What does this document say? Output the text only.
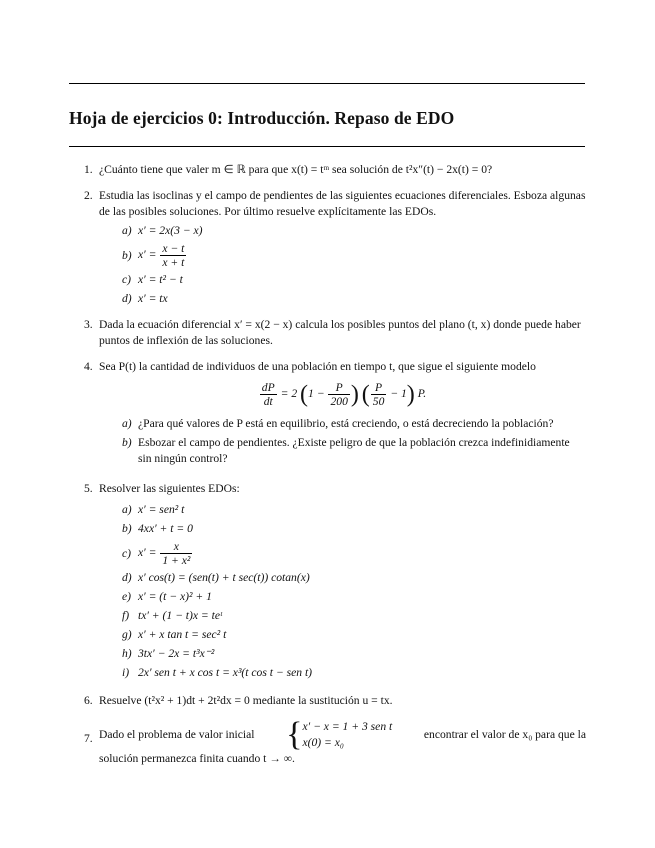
Hoja de ejercicios 0: Introducción. Repaso de EDO
1. ¿Cuánto tiene que valer m ∈ ℝ para que x(t) = tᵐ sea solución de t²x″(t) − 2x(t) = 0?
2. Estudia las isoclinas y el campo de pendientes de las siguientes ecuaciones diferenciales. Esboza algunas de las posibles soluciones. Por último resuelve explícitamente las EDOs.
a) x′ = 2x(3 − x)
b) $x' = \frac{x - t}{x + t}$
c) x′ = t² − t
d) x′ = tx
3. Dada la ecuación diferencial x′ = x(2 − x) calcula los posibles puntos del plano (t, x) donde puede haber puntos de inflexión de las soluciones.
4. Sea P(t) la cantidad de individuos de una población en tiempo t, que sigue el siguiente modelo
$\frac{dP}{dt} = 2$ ($1 - \frac{P}{200}$ ) ( $\frac{P}{50} - 1$) P.
a) ¿Para qué valores de P está en equilibrio, está creciendo, o está decreciendo la población?
b) Esbozar el campo de pendientes. ¿Existe peligro de que la población crezca indefinidiamente sin ningún control?
5. Resolver las siguientes EDOs:
a) x′ = sen² t
b) 4xx′ + t = 0
c) $x' = \frac{x}{\text{1 + x²}}$
d) x′ cos(t) = (sen(t) + t sec(t)) cotan(x)
e) x′ = (t − x)² + 1
f) tx′ + (1 − t)x = teᵗ
g) x′ + x tan t = sec² t
h) 3tx′ − 2x = t³x⁻²
i) 2x′ sen t + x cos t = x³(t cos t − sen t)
6. Resuelve (t²x² + 1)dt + 2t²dx = 0 mediante la sustitución u = tx.
7. Dado el problema de valor inicial { x′ − x = 1 + 3 sen t
x(0) = x₀
encontrar el valor de x₀ para que la
solución permanezca finita cuando t → ∞.
